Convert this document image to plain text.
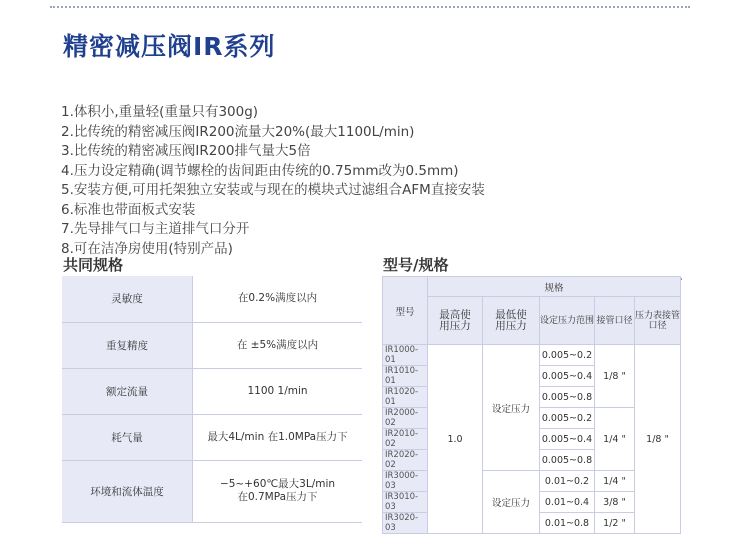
精密减压阀IR系列
1.体积小,重量轻(重量只有300g)
2.比传统的精密减压阀IR200流量大20%(最大1100L/min)
3.比传统的精密减压阀IR200排气量大5倍
4.压力设定精确(调节螺栓的齿间距由传统的0.75mm改为0.5mm)
5.安装方便,可用托架独立安装或与现在的模块式过滤组合AFM直接安装
6.标准也带面板式安装
7.先导排气口与主道排气口分开
8.可在洁净房使用(特别产品)
共同规格	型号/规格
灵敏度	在0.2%满度以内

重复精度	在 ±5%满度以内

额定流量	1100 1/min

耗气量	最大4L/min 在1.0MPa压力下

环境和流体温度	−5~+60℃最大3L/min
在0.7MPa压力下
型号	规格				
	最高使用压力	最低使用压力	设定压力范围	接管口径	压力表接管口径
IR1000-01	1.0	设定压力	0.005~0.2	1/8 "	1/8 "
IR1010-01			0.005~0.4		
IR1020-01			0.005~0.8		
IR2000-02			0.005~0.2	1/4 "	
IR2010-02			0.005~0.4		
IR2020-02			0.005~0.8		
IR3000-03		设定压力	0.01~0.2	1/4 "	
IR3010-03			0.01~0.4	3/8 "	
IR3020-03			0.01~0.8	1/2 "	
